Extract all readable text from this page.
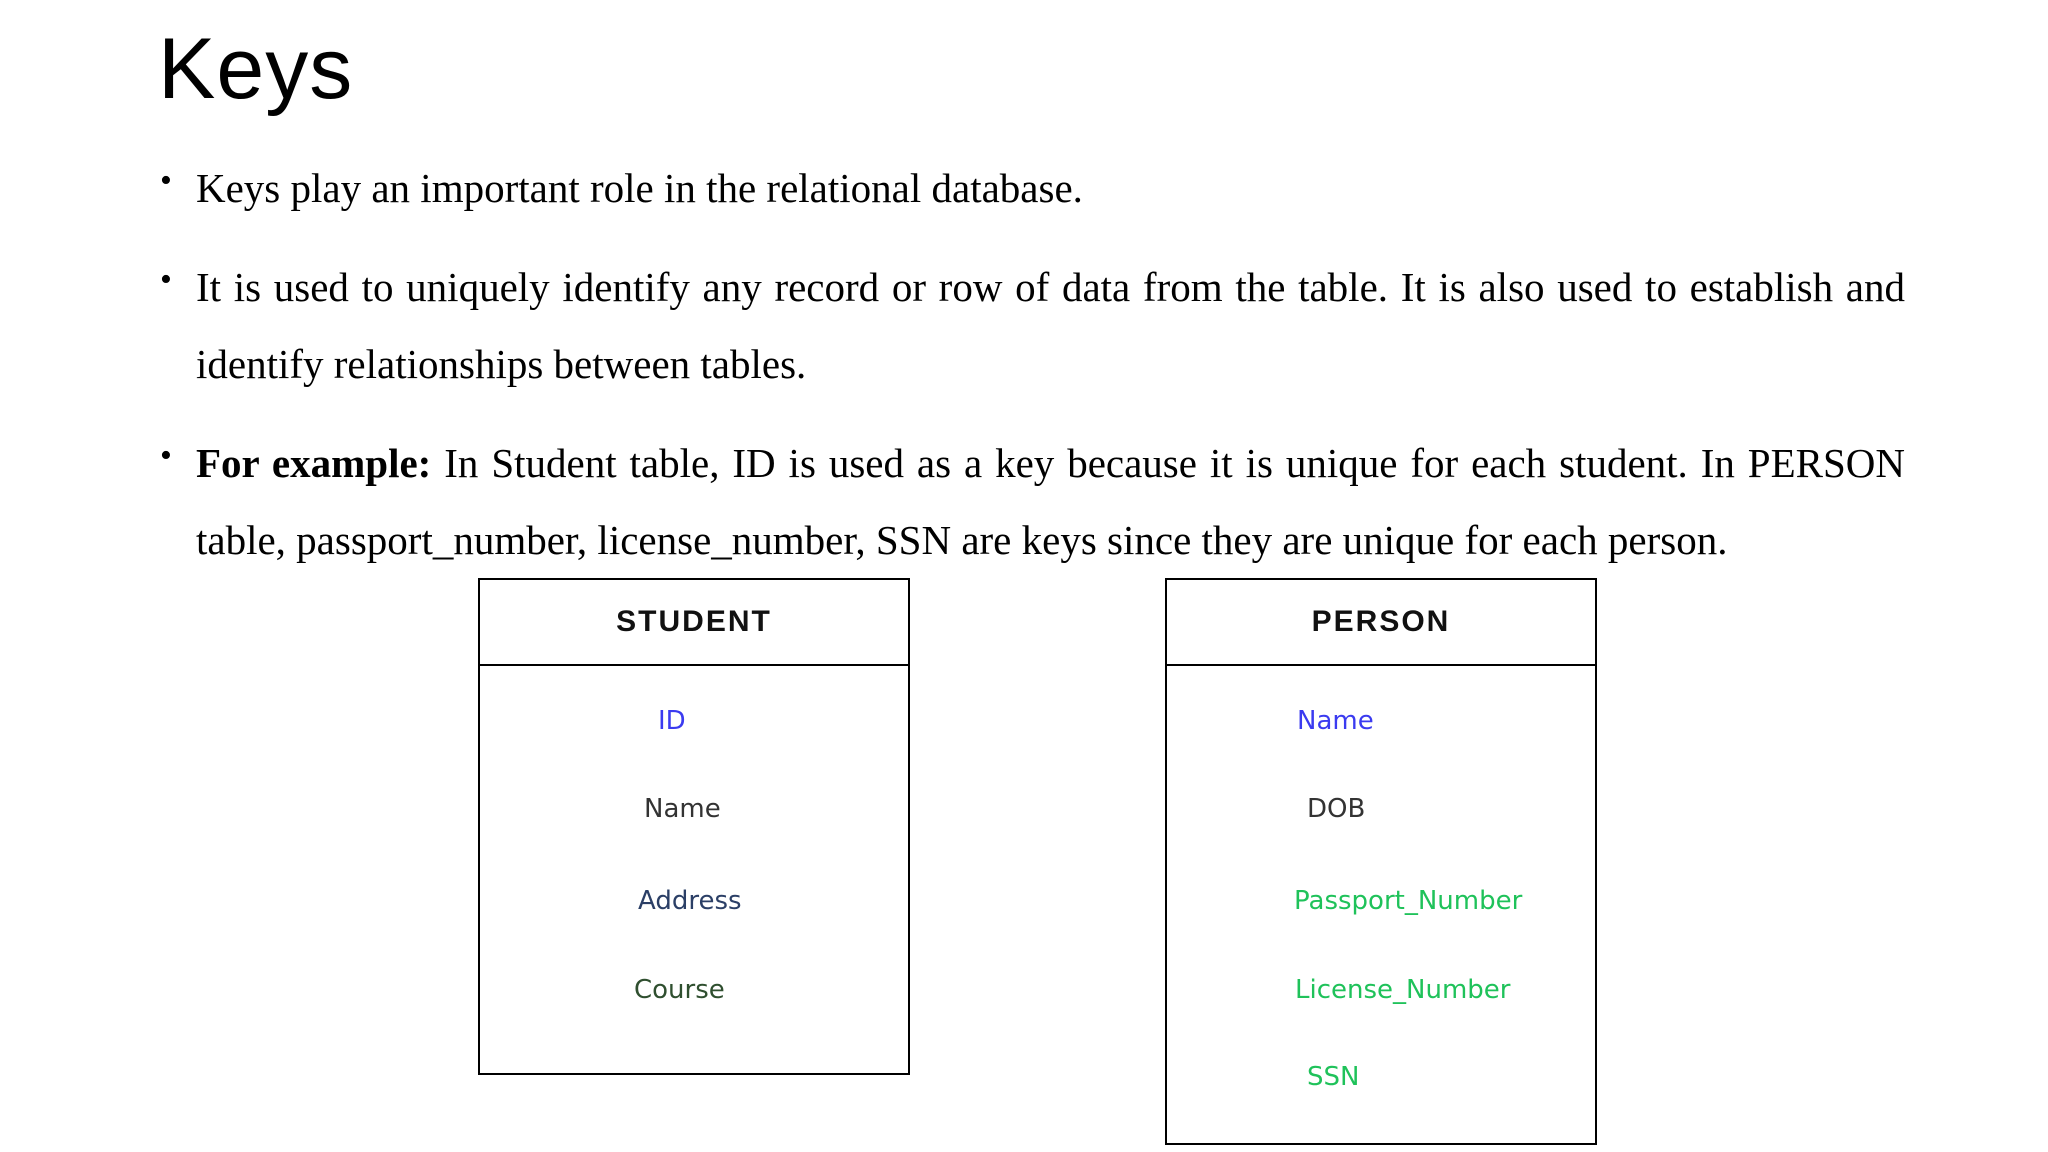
Keys
• Keys play an important role in the relational database.
• It is used to uniquely identify any record or row of data from the table. It is also used to establish and identify relationships between tables.
• For example: In Student table, ID is used as a key because it is unique for each student. In PERSON table, passport_number, license_number, SSN are keys since they are unique for each person.
STUDENT
ID
Name
Address
Course
PERSON
Name
DOB
Passport_Number
License_Number
SSN
